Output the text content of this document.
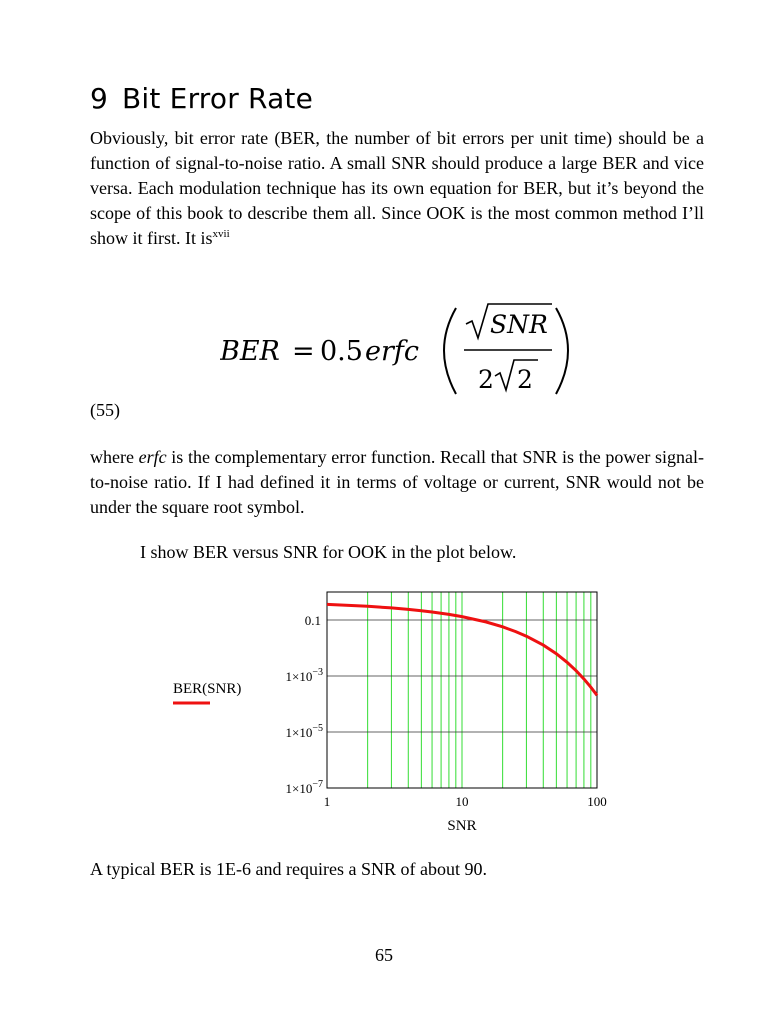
9 Bit Error Rate

Obviously, bit error rate (BER, the number of bit errors per unit time) should be a function of signal-to-noise ratio. A small SNR should produce a large BER and vice versa. Each modulation technique has its own equation for BER, but it’s beyond the scope of this book to describe them all. Since OOK is the most common method I’ll show it first. It $is^{xvii}$

BER = 0.5 erfc
SNR
2 2
(55)

where erfc is the complementary error function. Recall that SNR is the power signal-to-noise ratio. If I had defined it in terms of voltage or current, SNR would not be under the square root symbol.

I show BER versus SNR for OOK in the plot below.

0.1
$1\times 10^{-3}$
$1\times 10^{-5}$
$1\times 10^{-7}$
1	10	100
BER(SNR)
SNR

A typical BER is 1E-6 and requires a SNR of about 90.

65
